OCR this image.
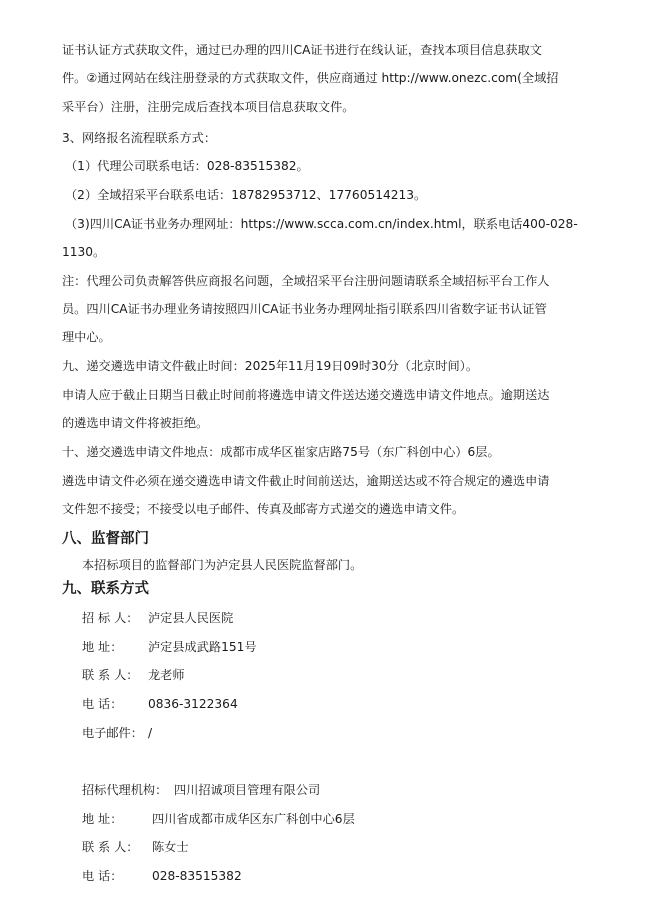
证书认证方式获取文件，通过已办理的四川CA证书进行在线认证，查找本项目信息获取文
件。②通过网站在线注册登录的方式获取文件，供应商通过 http://www.onezc.com(全域招
采平台）注册，注册完成后查找本项目信息获取文件。
3、网络报名流程联系方式：
（1）代理公司联系电话：028-83515382。
（2）全域招采平台联系电话：18782953712、17760514213。
（3)四川CA证书业务办理网址：https://www.scca.com.cn/index.html，联系电话400-028-
1130。
注：代理公司负责解答供应商报名问题，全域招采平台注册问题请联系全域招标平台工作人
员。四川CA证书办理业务请按照四川CA证书业务办理网址指引联系四川省数字证书认证管
理中心。
九、递交遴选申请文件截止时间：2025年11月19日09时30分（北京时间）。
申请人应于截止日期当日截止时间前将遴选申请文件送达递交遴选申请文件地点。逾期送达
的遴选申请文件将被拒绝。
十、递交遴选申请文件地点：成都市成华区崔家店路75号（东广科创中心）6层。
遴选申请文件必须在递交遴选申请文件截止时间前送达，逾期送达或不符合规定的遴选申请
文件恕不接受；不接受以电子邮件、传真及邮寄方式递交的遴选申请文件。
八、监督部门
本招标项目的监督部门为泸定县人民医院监督部门。
九、联系方式
招 标 人： 泸定县人民医院
地 址： 泸定县成武路151号
联 系 人： 龙老师
电 话： 0836-3122364
电子邮件： /
招标代理机构： 四川招诚项目管理有限公司
地 址： 四川省成都市成华区东广科创中心6层
联 系 人： 陈女士
电 话： 028-83515382
